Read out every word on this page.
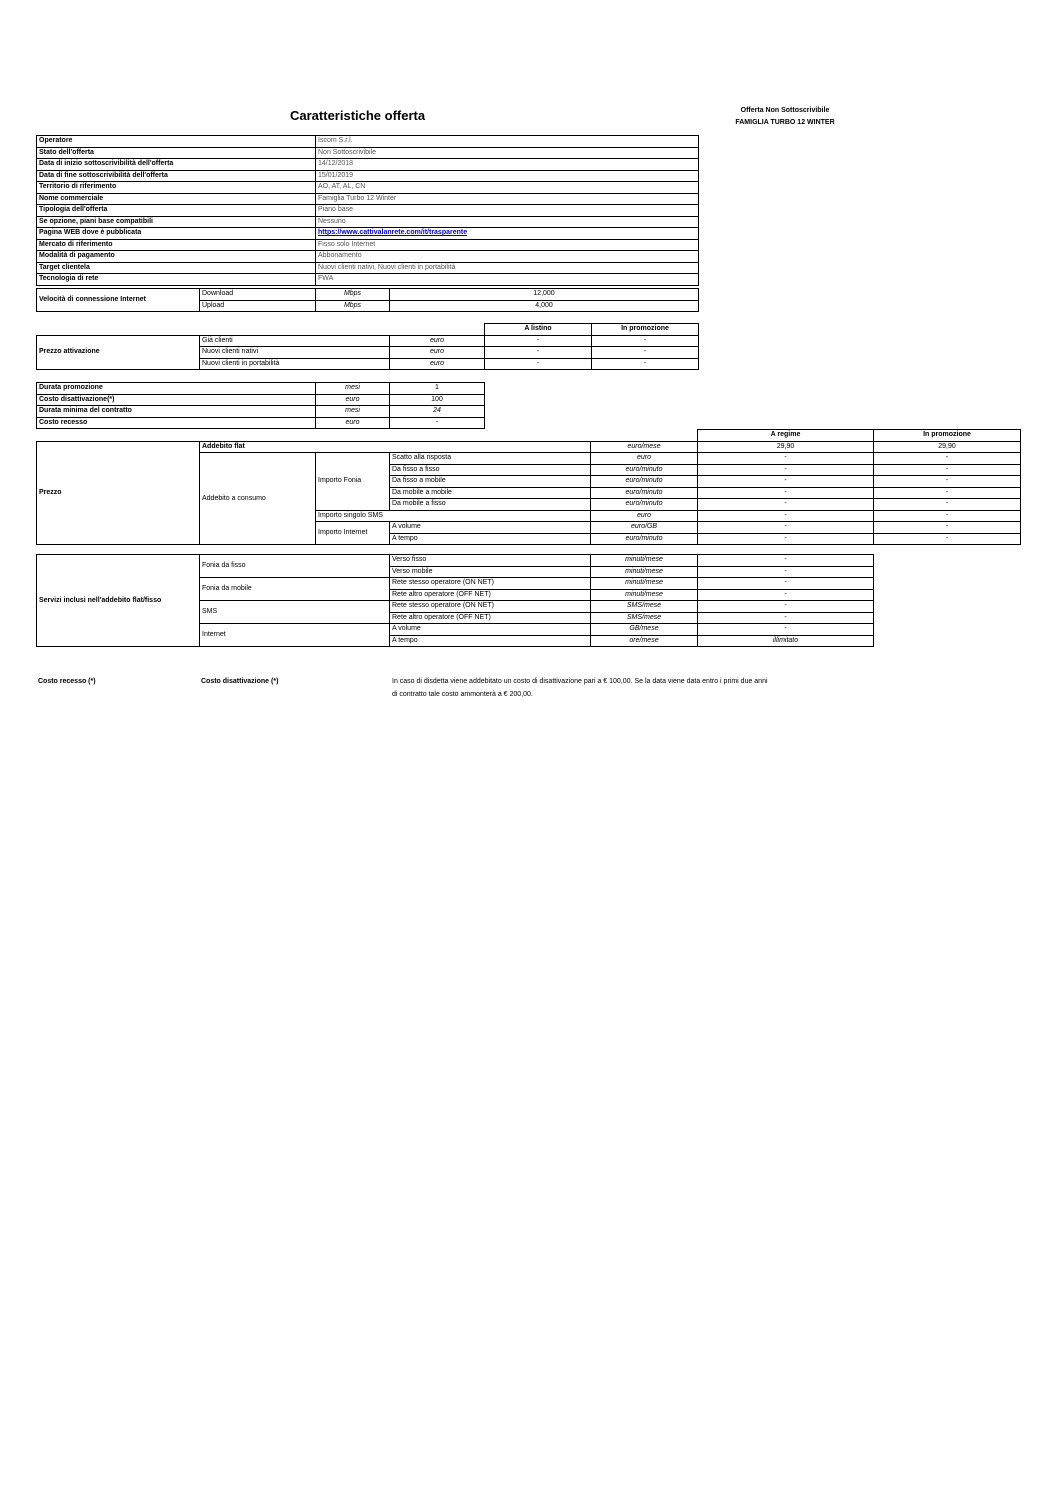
Caratteristiche offerta	Offerta Non Sottoscrivibile
FAMIGLIA TURBO 12 WINTER
Operatore	Iscom S.r.l.
Stato dell'offerta	Non Sottoscrivibile
Data di inizio sottoscrivibilità dell'offerta	14/12/2018
Data di fine sottoscrivibilità dell'offerta	15/01/2019
Territorio di riferimento	AO, AT, AL, CN
Nome commerciale	Famiglia Turbo 12 Winter
Tipologia dell'offerta	Piano base
Se opzione, piani base compatibili	Nessuno
Pagina WEB dove è pubblicata	https://www.cattivalanrete.com/it/trasparente
Mercato di riferimento	Fisso solo Internet
Modalità di pagamento	Abbonamento
Target clientela	Nuovi clienti nativi, Nuovi clienti in portabilità
Tecnologia di rete	FWA
Velocità di connessione Internet	Download	Mbps	12,000
	Upload	Mbps	4,000
			A listino	In promozione
Prezzo attivazione	Già clienti	euro	-	-
	Nuovi clienti nativi	euro	-	-
	Nuovi clienti in portabilità	euro	-	-
Durata promozione	mesi	1
Costo disattivazione(*)	euro	100
Durata minima del contratto	mesi	24
Costo recesso	euro	-
					A regime	In promozione
Prezzo	Addebito flat			euro/mese	29,90	29,90
	Addebito a consumo	Importo Fonia	Scatto alla risposta	euro	-	-
			Da fisso a fisso	euro/minuto	-	-
			Da fisso a mobile	euro/minuto	-	-
			Da mobile a mobile	euro/minuto	-	-
			Da mobile a fisso	euro/minuto	-	-
		Importo singolo SMS		euro	-	-
		Importo Internet	A volume	euro/GB	-	-
			A tempo	euro/minuto	-	-
Servizi inclusi nell'addebito flat/fisso	Fonia da fisso	Verso fisso	minuti/mese	-
		Verso mobile	minuti/mese	-
	Fonia da mobile	Rete stesso operatore (ON NET)	minuti/mese	-
		Rete altro operatore (OFF NET)	minuti/mese	-
	SMS	Rete stesso operatore (ON NET)	SMS/mese	-
		Rete altro operatore (OFF NET)	SMS/mese	-
	Internet	A volume	GB/mese	-
		A tempo	ore/mese	illimitato
Costo recesso (*)	Costo disattivazione (*)	In caso di disdetta viene addebitato un costo di disattivazione pari a € 100,00. Se la data viene data entro i primi due anni
di contratto tale costo ammonterà a € 200,00.
